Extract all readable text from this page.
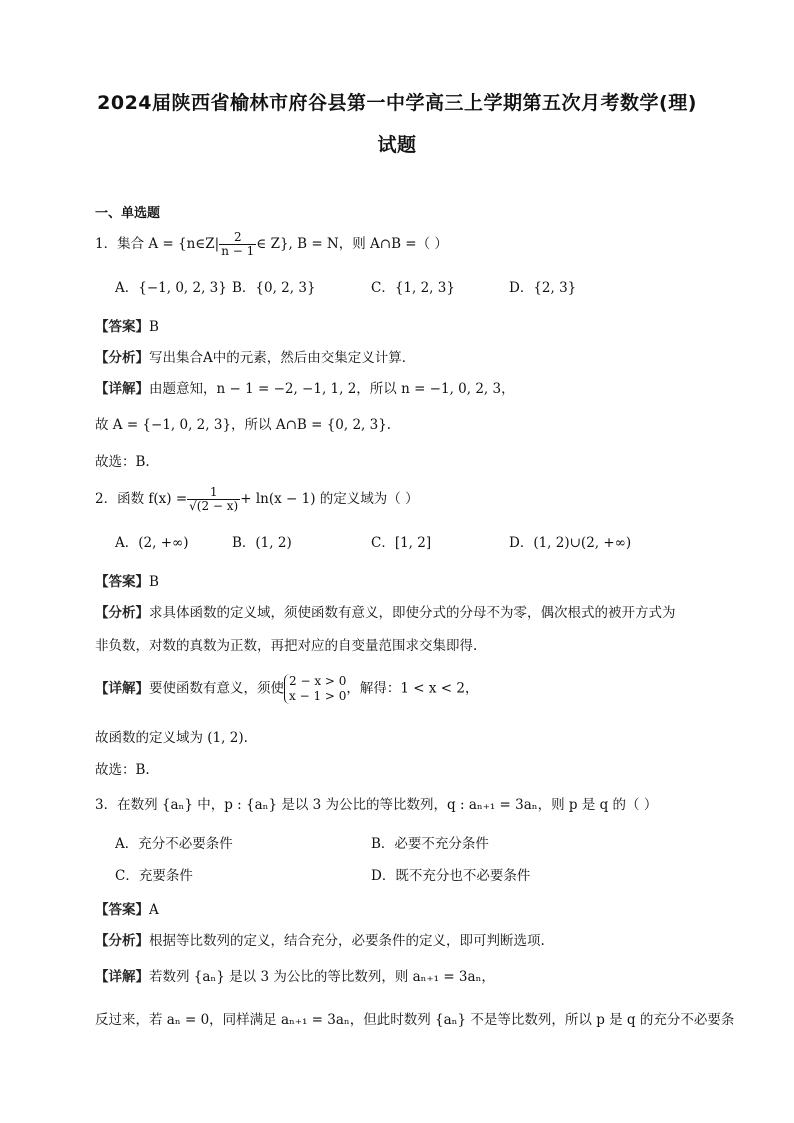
2024届陕西省榆林市府谷县第一中学高三上学期第五次月考数学(理)
试题
一、单选题
1．集合 A = {n∈Z| $\frac{2}{n - 1}$ ∈ Z}, B = N，则 A∩B =（ ）
A．{−1, 0, 2, 3} B．{0, 2, 3}	C．{1, 2, 3}	D．{2, 3}
【 答案 】 B
【 分析 】 写出集合A中的元素，然后由交集定义计算．
【 详解 】 由题意知，n − 1 = −2, −1, 1, 2，所以 n = −1, 0, 2, 3，
故 A = {−1, 0, 2, 3}，所以 A∩B = {0, 2, 3}.
故选：B.
2．函数 $f(x) = \frac{1}{√(2 - x)} + \ln(x - 1)$ 的定义域为（ ）
A．(2, +∞)	B．(1, 2)	C．[1, 2]	D．(1, 2)∪(2, +∞)
【 答案 】 B
【 分析 】 求具体函数的定义域，须使函数有意义，即使分式的分母不为零，偶次根式的被开方式为
非负数，对数的真数为正数，再把对应的自变量范围求交集即得.
【 详解 】 要使函数有意义，须使 2 − x > 0
x − 1 > 0 ，解得：1 < x < 2，
故函数的定义域为 (1, 2).
故选：B.
3．在数列 {aₙ} 中，p : {aₙ} 是以 3 为公比的等比数列，q : aₙ₊₁ = 3aₙ，则 p 是 q 的（ ）
A．充分不必要条件	B．必要不充分条件
C．充要条件	D．既不充分也不必要条件
【 答案 】 A
【 分析 】 根据等比数列的定义，结合充分，必要条件的定义，即可判断选项.
【 详解 】 若数列 {aₙ} 是以 3 为公比的等比数列，则 aₙ₊₁ = 3aₙ，
反过来，若 aₙ = 0，同样满足 aₙ₊₁ = 3aₙ，但此时数列 {aₙ} 不是等比数列，所以 p 是 q 的充分不必要条
